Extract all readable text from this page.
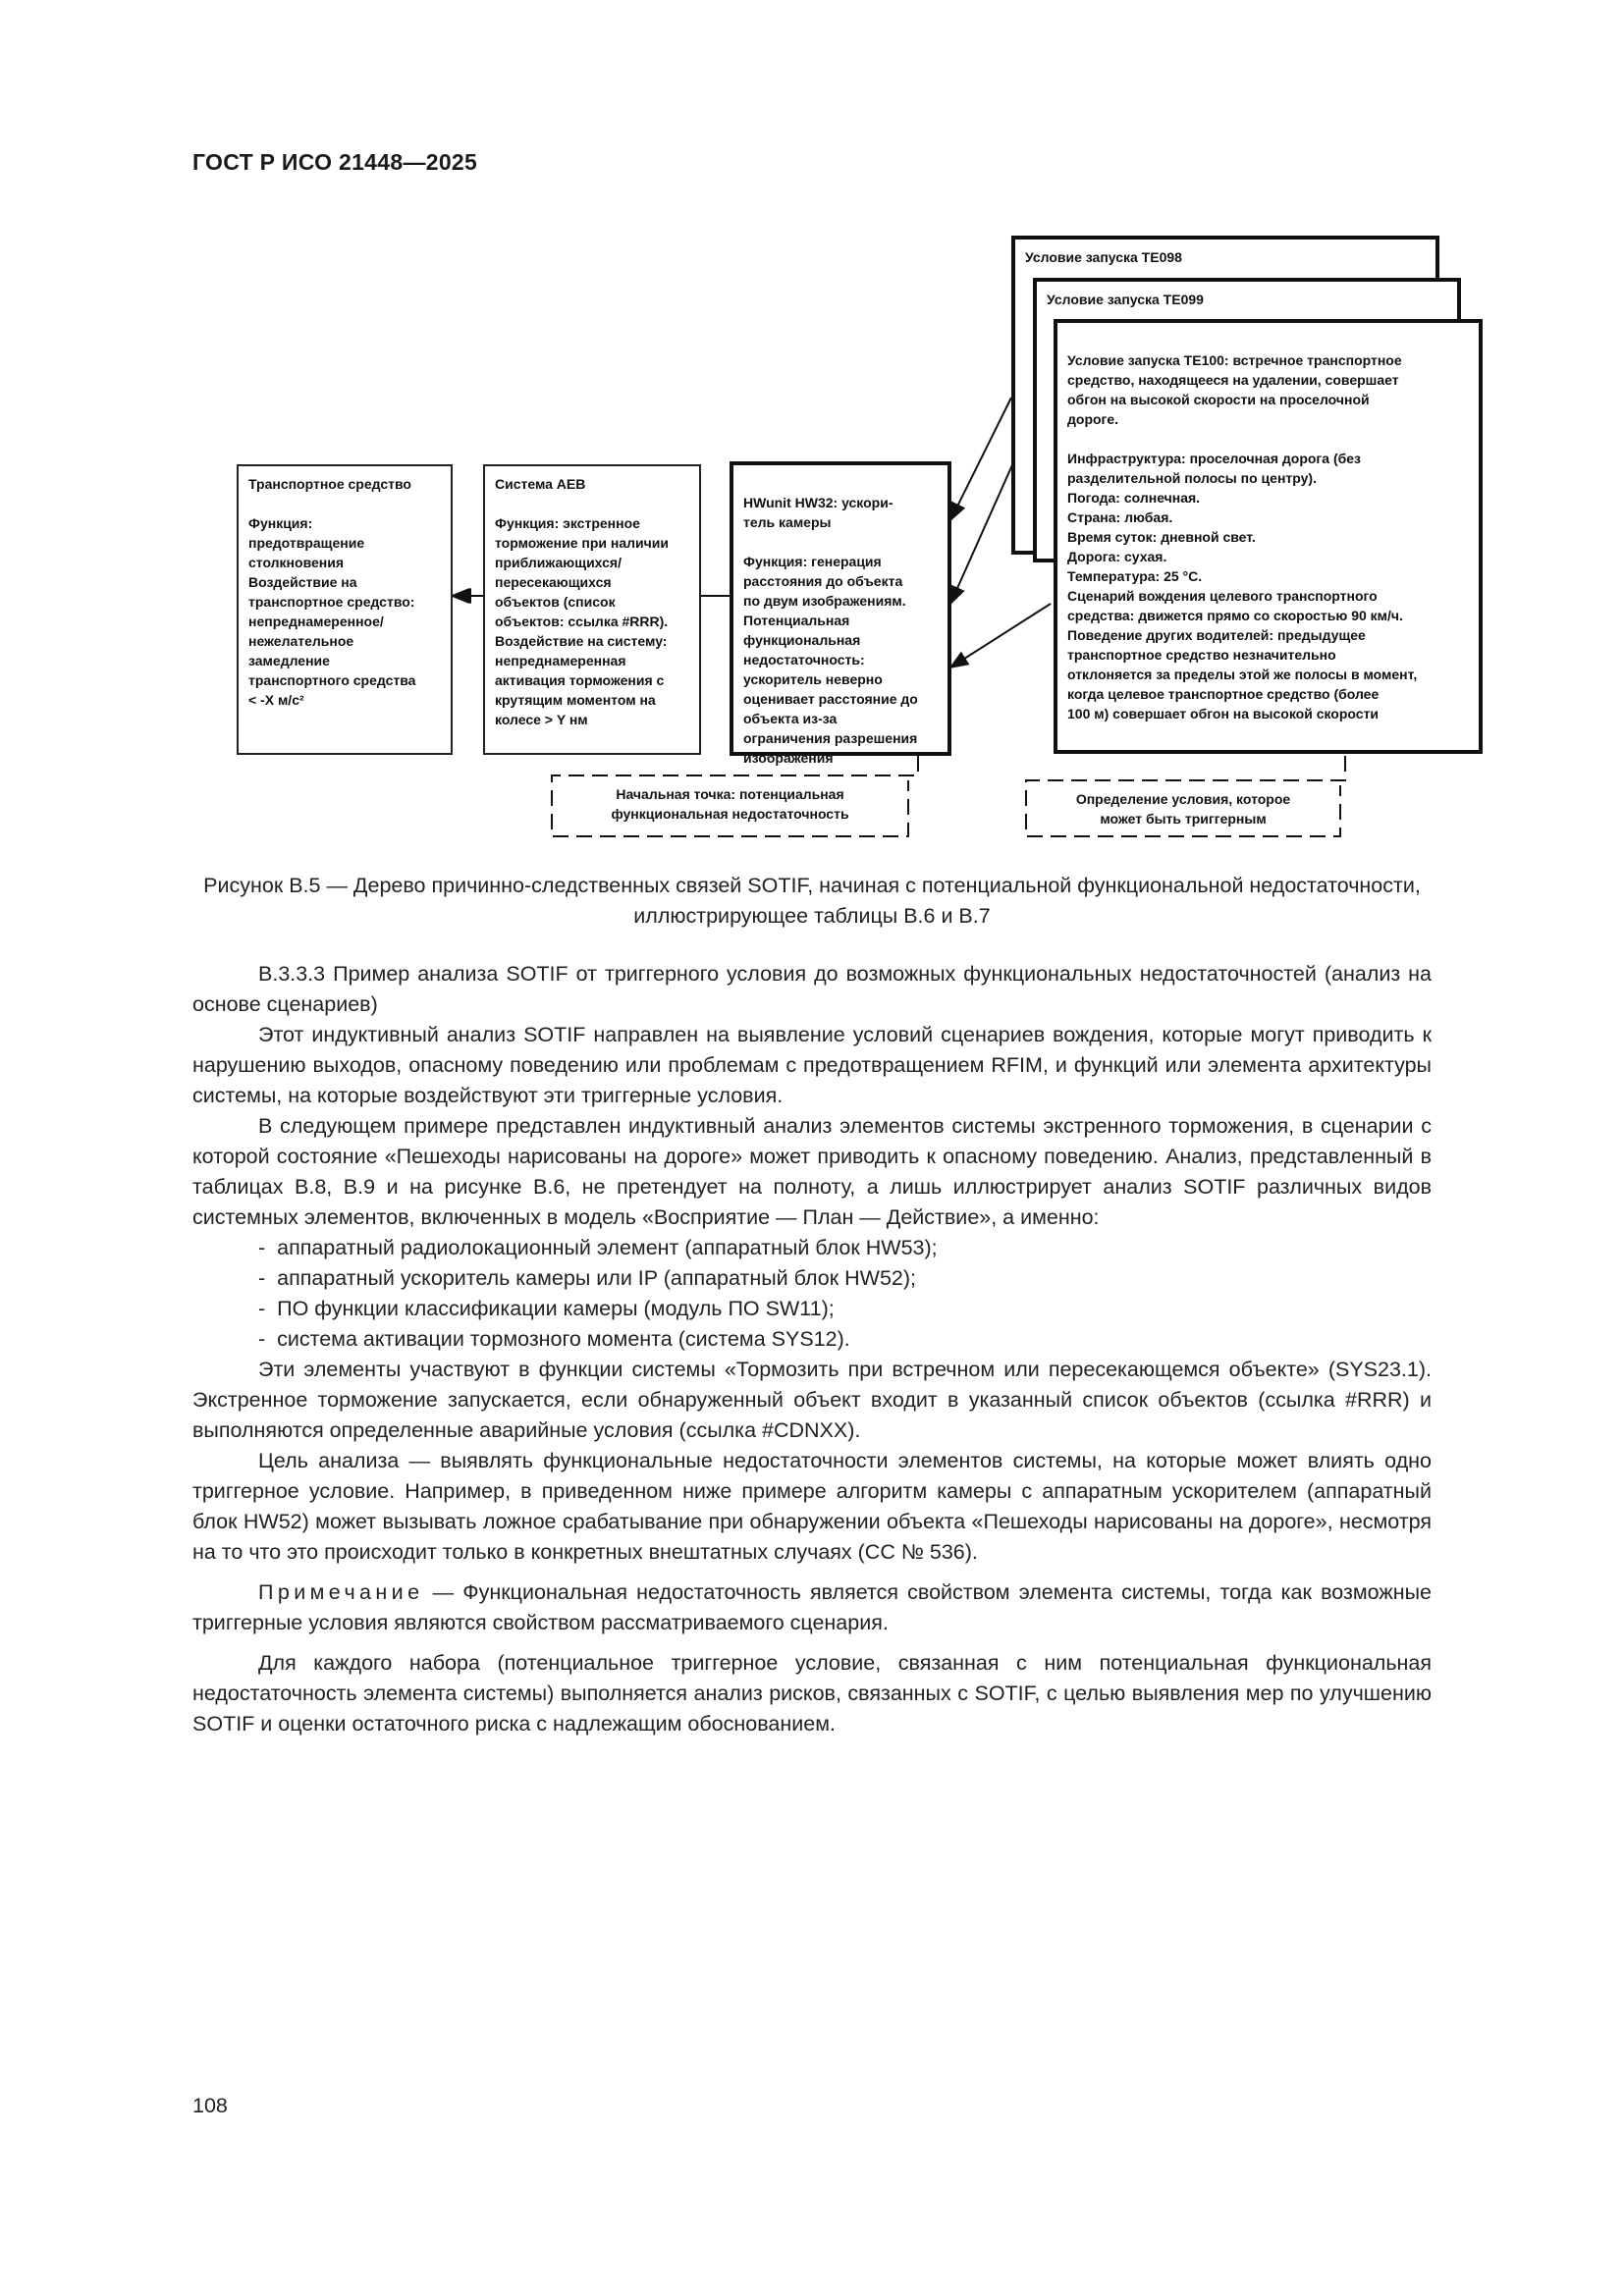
ГОСТ Р ИСО 21448—2025
Транспортное средство

Функция:
предотвращение
столкновения
Воздействие на
транспортное средство:
непреднамеренное/
нежелательное
замедление
транспортного средства
< -X м/с²
Система AEB

Функция: экстренное
торможение при наличии
приближающихся/
пересекающихся
объектов (список
объектов: ссылка #RRR).
Воздействие на систему:
непреднамеренная
активация торможения с
крутящим моментом на
колесе > Y нм

HWunit HW32: ускори-
тель камеры

Функция: генерация
расстояния до объекта
по двум изображениям.
Потенциальная
функциональная
недостаточность:
ускоритель неверно
оценивает расстояние до
объекта из-за
ограничения разрешения
изображения

Условие запуска ТЕ098
Условие запуска ТЕ099

Условие запуска ТЕ100: встречное транспортное
средство, находящееся на удалении, совершает
обгон на высокой скорости на проселочной
дороге.

Инфраструктура: проселочная дорога (без
разделительной полосы по центру).
Погода: солнечная.
Страна: любая.
Время суток: дневной свет.
Дорога: сухая.
Температура: 25 °C.
Сценарий вождения целевого транспортного
средства: движется прямо со скоростью 90 км/ч.
Поведение других водителей: предыдущее
транспортное средство незначительно
отклоняется за пределы этой же полосы в момент,
когда целевое транспортное средство (более
100 м) совершает обгон на высокой скорости

Начальная точка: потенциальная
функциональная недостаточность
Определение условия, которое
может быть триггерным
Рисунок В.5 — Дерево причинно-следственных связей SOTIF, начиная с потенциальной функциональной недостаточности, иллюстрирующее таблицы В.6 и В.7

В.3.3.3 Пример анализа SOTIF от триггерного условия до возможных функциональных недостаточностей (анализ на основе сценариев)

Этот индуктивный анализ SOTIF направлен на выявление условий сценариев вождения, которые могут приводить к нарушению выходов, опасному поведению или проблемам с предотвращением RFIM, и функций или элемента архитектуры системы, на которые воздействуют эти триггерные условия.

В следующем примере представлен индуктивный анализ элементов системы экстренного торможения, в сценарии с которой состояние «Пешеходы нарисованы на дороге» может приводить к опасному поведению. Анализ, представленный в таблицах В.8, В.9 и на рисунке В.6, не претендует на полноту, а лишь иллюстрирует анализ SOTIF различных видов системных элементов, включенных в модель «Восприятие — План — Действие», а именно:

-  аппаратный радиолокационный элемент (аппаратный блок HW53);
-  аппаратный ускоритель камеры или IP (аппаратный блок HW52);
-  ПО функции классификации камеры (модуль ПО SW11);
-  система активации тормозного момента (система SYS12).

Эти элементы участвуют в функции системы «Тормозить при встречном или пересекающемся объекте» (SYS23.1). Экстренное торможение запускается, если обнаруженный объект входит в указанный список объектов (ссылка #RRR) и выполняются определенные аварийные условия (ссылка #CDNXX).

Цель анализа — выявлять функциональные недостаточности элементов системы, на которые может влиять одно триггерное условие. Например, в приведенном ниже примере алгоритм камеры с аппаратным ускорителем (аппаратный блок HW52) может вызывать ложное срабатывание при обнаружении объекта «Пешеходы нарисованы на дороге», несмотря на то что это происходит только в конкретных внештатных случаях (СС № 536).

Примечание — Функциональная недостаточность является свойством элемента системы, тогда как возможные триггерные условия являются свойством рассматриваемого сценария.

Для каждого набора (потенциальное триггерное условие, связанная с ним потенциальная функциональная недостаточность элемента системы) выполняется анализ рисков, связанных с SOTIF, с целью выявления мер по улучшению SOTIF и оценки остаточного риска с надлежащим обоснованием.

108
